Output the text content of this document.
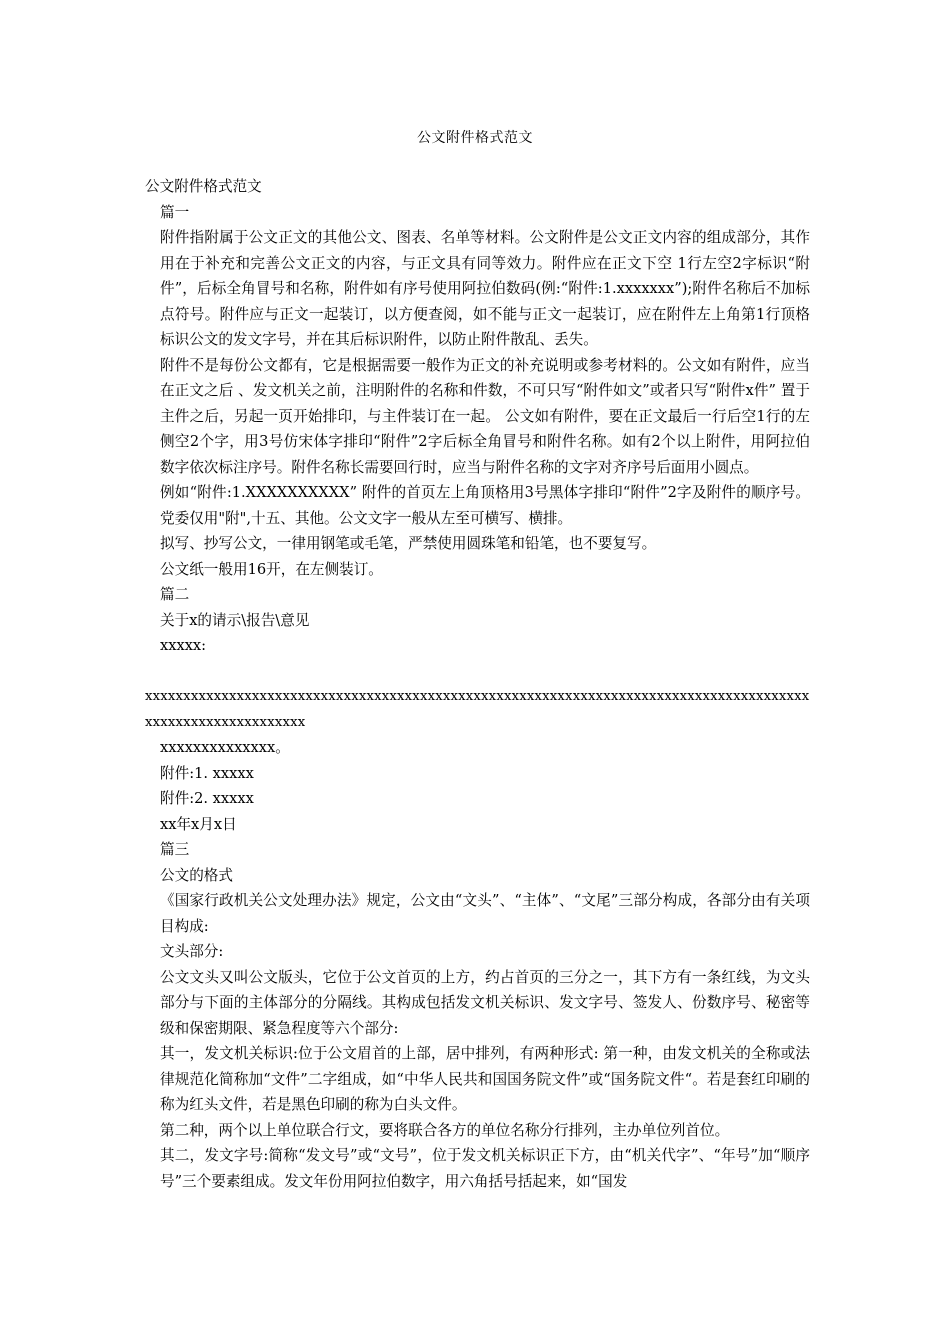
公文附件格式范文

公文附件格式范文

篇一

附件指附属于公文正文的其他公文、图表、名单等材料。公文附件是公文正文内容的组成部分，其作用在于补充和完善公文正文的内容，与正文具有同等效力。附件应在正文下空 1行左空2字标识“附件”，后标全角冒号和名称，附件如有序号使用阿拉伯数码(例:“附件:1.xxxxxxx”);附件名称后不加标点符号。附件应与正文一起装订，以方便查阅，如不能与正文一起装订，应在附件左上角第1行顶格标识公文的发文字号，并在其后标识附件，以防止附件散乱、丢失。

附件不是每份公文都有，它是根据需要一般作为正文的补充说明或参考材料的。公文如有附件，应当在正文之后 、发文机关之前，注明附件的名称和件数，不可只写“附件如文”或者只写“附件x件” 置于主件之后，另起一页开始排印，与主件装订在一起。 公文如有附件，要在正文最后一行后空1行的左侧空2个字，用3号仿宋体字排印“附件”2字后标全角冒号和附件名称。如有2个以上附件，用阿拉伯数字依次标注序号。附件名称长需要回行时，应当与附件名称的文字对齐序号后面用小圆点。

例如“附件:1.XXXXXXXXXX” 附件的首页左上角顶格用3号黑体字排印“附件”2字及附件的顺序号。党委仅用"附",十五、其他。公文文字一般从左至可横写、横排。

拟写、抄写公文，一律用钢笔或毛笔，严禁使用圆珠笔和铅笔，也不要复写。

公文纸一般用16开，在左侧装订。

篇二

关于x的请示\报告\意见

xxxxx:

xxxxxxxxxxxxxxxxxxxxxxxxxxxxxxxxxxxxxxxxxxxxxxxxxxxxxxxxxxxxxxxxxxxxxxxxxxxxxxxxxxxxxxxxxxxxxxxxxxxxxxxxxxxx

xxxxxxxxxxxxxx。

附件:1. xxxxx

附件:2. xxxxx

xx年x月x日

篇三

公文的格式

《国家行政机关公文处理办法》规定，公文由“文头”、“主体”、“文尾”三部分构成，各部分由有关项目构成:

文头部分:

公文文头又叫公文版头，它位于公文首页的上方，约占首页的三分之一，其下方有一条红线，为文头部分与下面的主体部分的分隔线。其构成包括发文机关标识、发文字号、签发人、份数序号、秘密等级和保密期限、紧急程度等六个部分:

其一，发文机关标识:位于公文眉首的上部，居中排列，有两种形式: 第一种，由发文机关的全称或法律规范化简称加“文件”二字组成，如“中华人民共和国国务院文件”或“国务院文件“。若是套红印刷的称为红头文件，若是黑色印刷的称为白头文件。

第二种，两个以上单位联合行文，要将联合各方的单位名称分行排列，主办单位列首位。

其二，发文字号:简称“发文号”或“文号”，位于发文机关标识正下方，由“机关代字”、“年号”加“顺序号”三个要素组成。发文年份用阿拉伯数字，用六角括号括起来，如“国发
